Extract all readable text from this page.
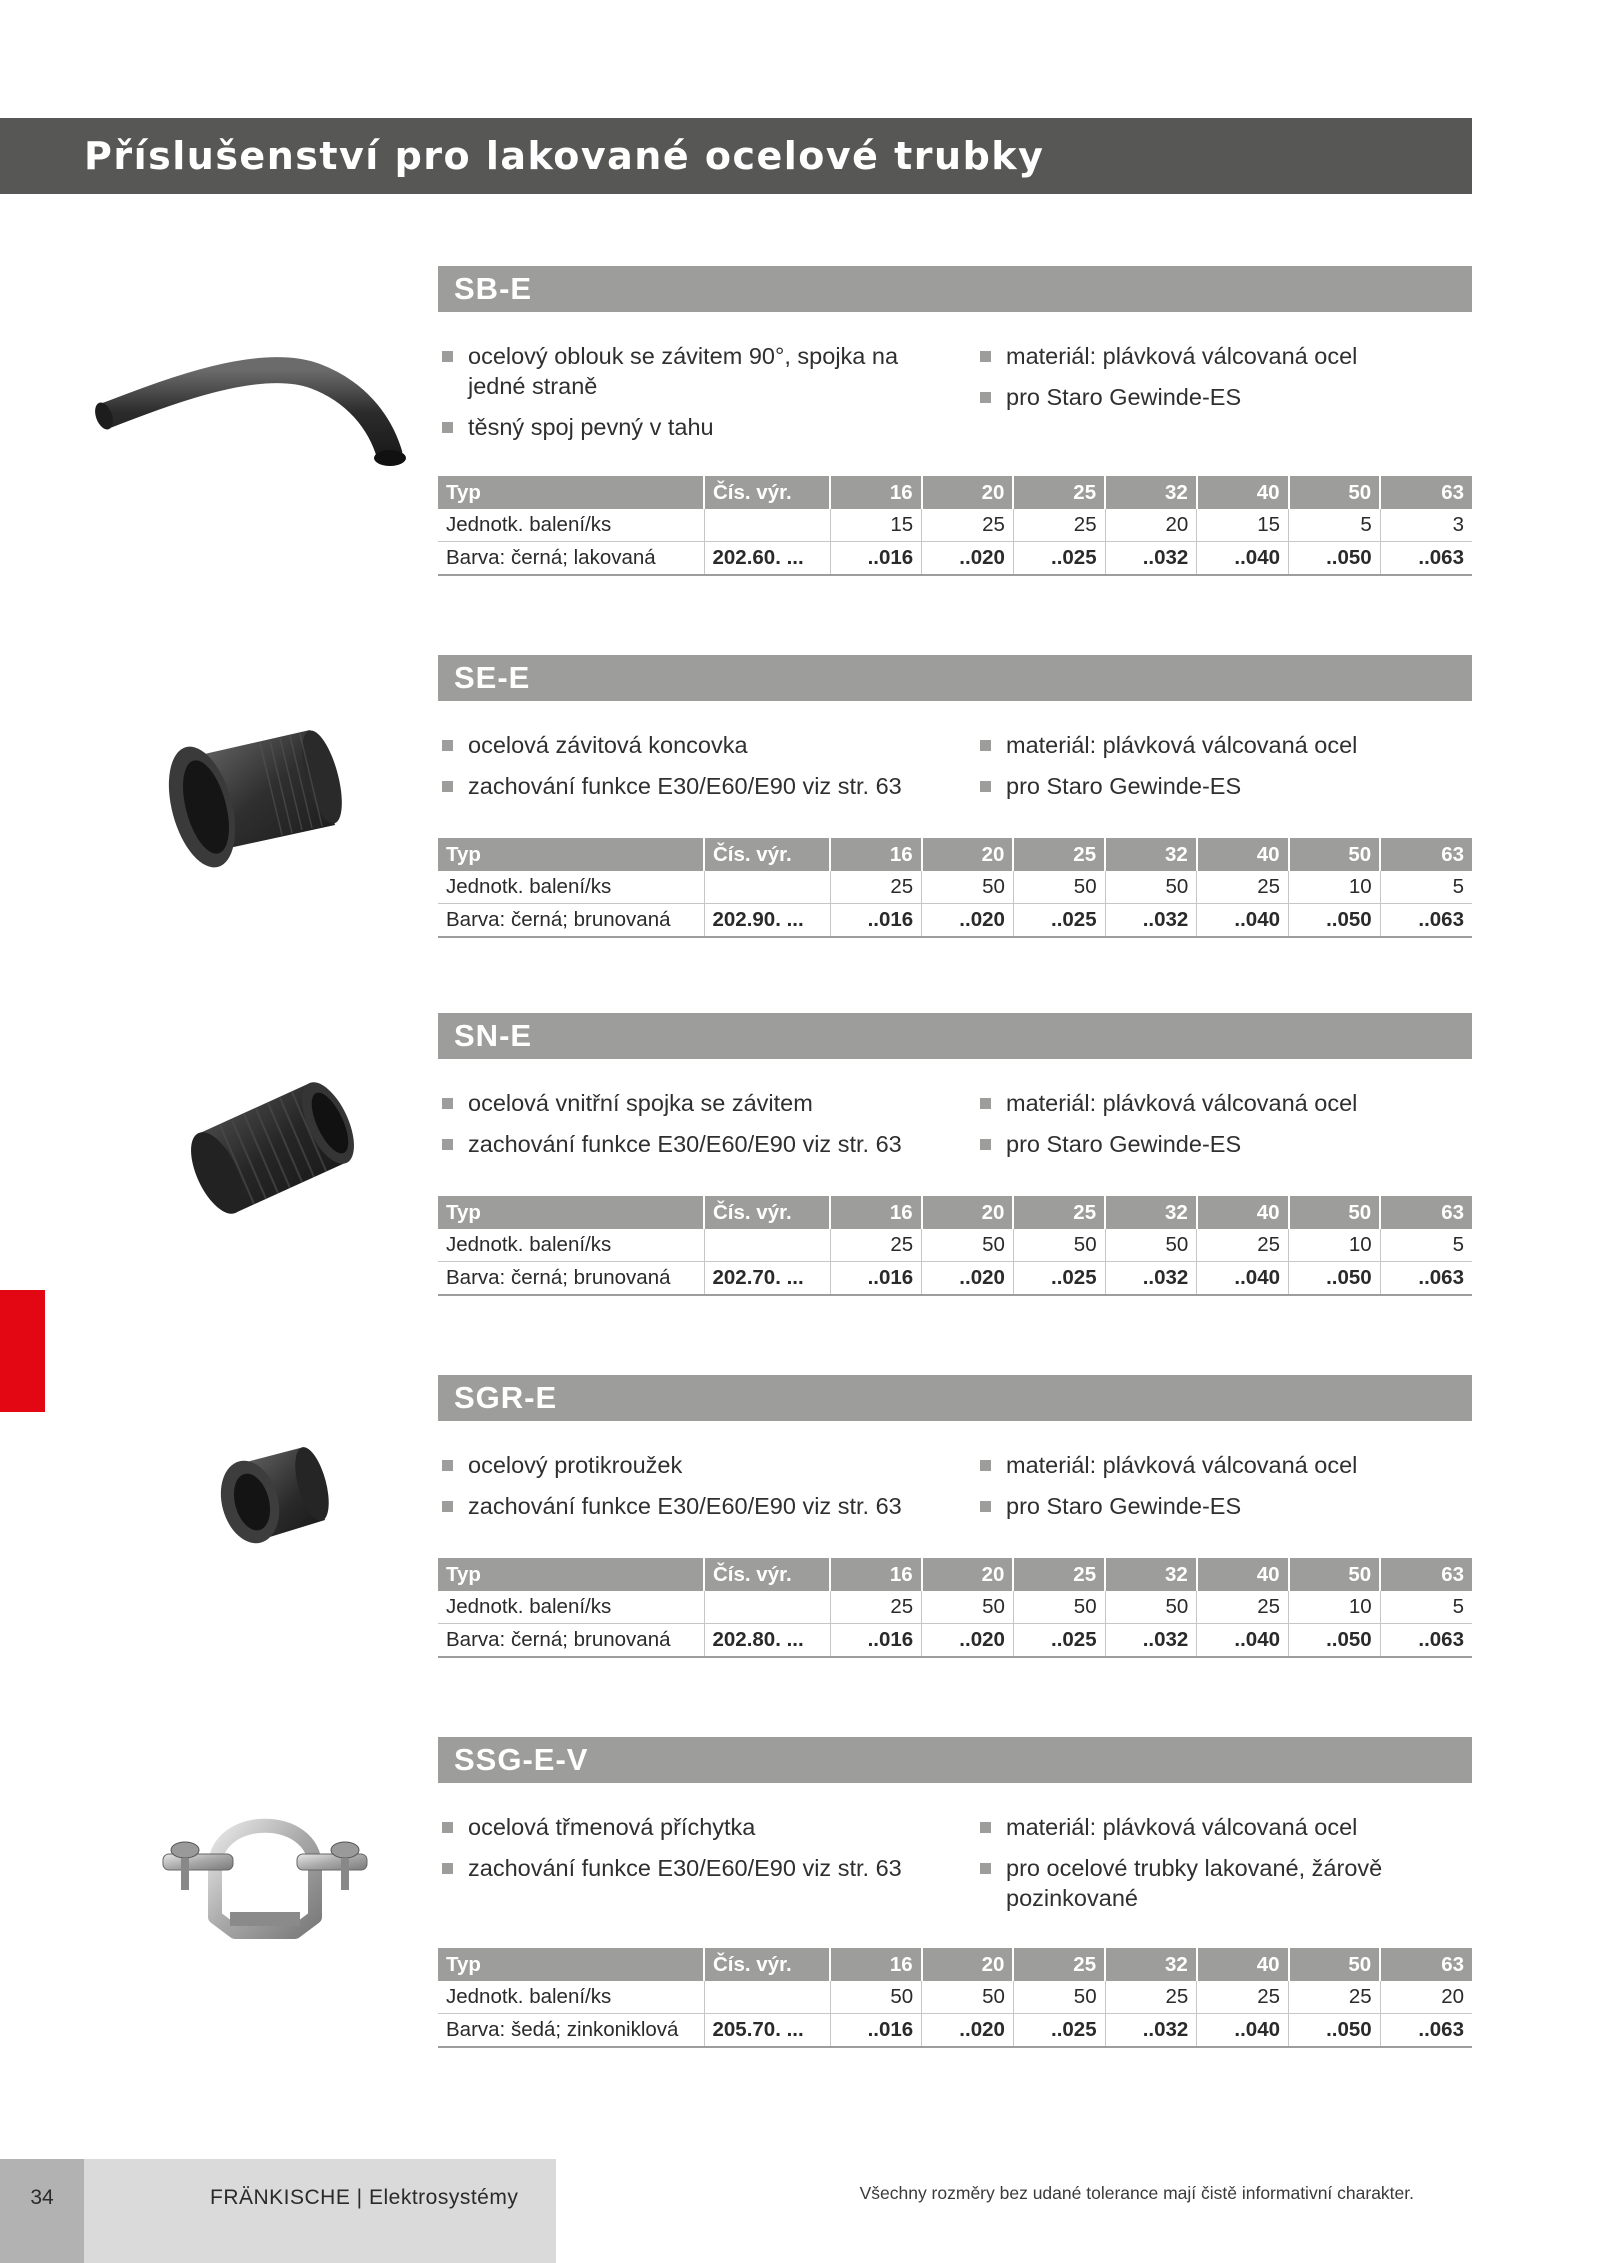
Příslušenství pro lakované ocelové trubky
SB-E
ocelový oblouk se závitem 90°, spojka na jedné straně
těsný spoj pevný v tahu
materiál: plávková válcovaná ocel
pro Staro Gewinde-ES
Typ	Čís. výr.	16	20	25	32	40	50	63
Jednotk. balení/ks		15	25	25	20	15	5	3
Barva: černá; lakovaná	202.60. ...	..016	..020	..025	..032	..040	..050	..063
SE-E
ocelová závitová koncovka
zachování funkce E30/E60/E90 viz str. 63
materiál: plávková válcovaná ocel
pro Staro Gewinde-ES
Typ	Čís. výr.	16	20	25	32	40	50	63
Jednotk. balení/ks		25	50	50	50	25	10	5
Barva: černá; brunovaná	202.90. ...	..016	..020	..025	..032	..040	..050	..063
SN-E
ocelová vnitřní spojka se závitem
zachování funkce E30/E60/E90 viz str. 63
materiál: plávková válcovaná ocel
pro Staro Gewinde-ES
Typ	Čís. výr.	16	20	25	32	40	50	63
Jednotk. balení/ks		25	50	50	50	25	10	5
Barva: černá; brunovaná	202.70. ...	..016	..020	..025	..032	..040	..050	..063
SGR-E
ocelový protikroužek
zachování funkce E30/E60/E90 viz str. 63
materiál: plávková válcovaná ocel
pro Staro Gewinde-ES
Typ	Čís. výr.	16	20	25	32	40	50	63
Jednotk. balení/ks		25	50	50	50	25	10	5
Barva: černá; brunovaná	202.80. ...	..016	..020	..025	..032	..040	..050	..063
SSG-E-V
ocelová třmenová příchytka
zachování funkce E30/E60/E90 viz str. 63
materiál: plávková válcovaná ocel
pro ocelové trubky lakované, žárově pozinkované
Typ	Čís. výr.	16	20	25	32	40	50	63
Jednotk. balení/ks		50	50	50	25	25	25	20
Barva: šedá; zinkoniklová	205.70. ...	..016	..020	..025	..032	..040	..050	..063
34	FRÄNKISCHE | Elektrosystémy	Všechny rozměry bez udané tolerance mají čistě informativní charakter.
